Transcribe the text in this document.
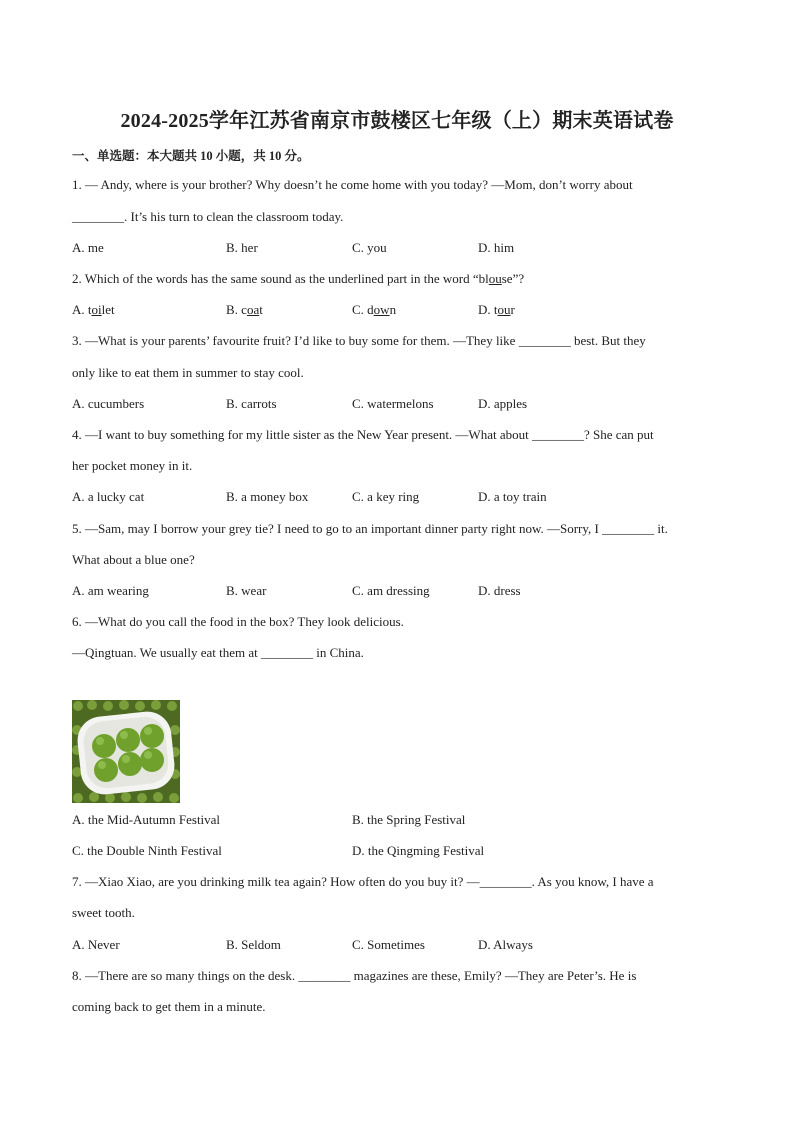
2024-2025学年江苏省南京市鼓楼区七年级（上）期末英语试卷
一、单选题：本大题共 10 小题，共 10 分。
1. — Andy, where is your brother? Why doesn’t he come home with you today? —Mom, don’t worry about
________. It’s his turn to clean the classroom today.
A. me	B. her	C. you	D. him
2. Which of the words has the same sound as the underlined part in the word “blouse”?
A. toilet	B. coat	C. down	D. tour
3. —What is your parents’ favourite fruit? I’d like to buy some for them. —They like ________ best. But they
only like to eat them in summer to stay cool.
A. cucumbers	B. carrots	C. watermelons	D. apples
4. —I want to buy something for my little sister as the New Year present. —What about ________? She can put
her pocket money in it.
A. a lucky cat	B. a money box	C. a key ring	D. a toy train
5. —Sam, may I borrow your grey tie? I need to go to an important dinner party right now. —Sorry, I ________ it.
What about a blue one?
A. am wearing	B. wear	C. am dressing	D. dress
6. —What do you call the food in the box? They look delicious.
—Qingtuan. We usually eat them at ________ in China.
A. the Mid-Autumn Festival	B. the Spring Festival
C. the Double Ninth Festival	D. the Qingming Festival
7. —Xiao Xiao, are you drinking milk tea again? How often do you buy it? —________. As you know, I have a
sweet tooth.
A. Never	B. Seldom	C. Sometimes	D. Always
8. —There are so many things on the desk. ________ magazines are these, Emily? —They are Peter’s. He is
coming back to get them in a minute.
